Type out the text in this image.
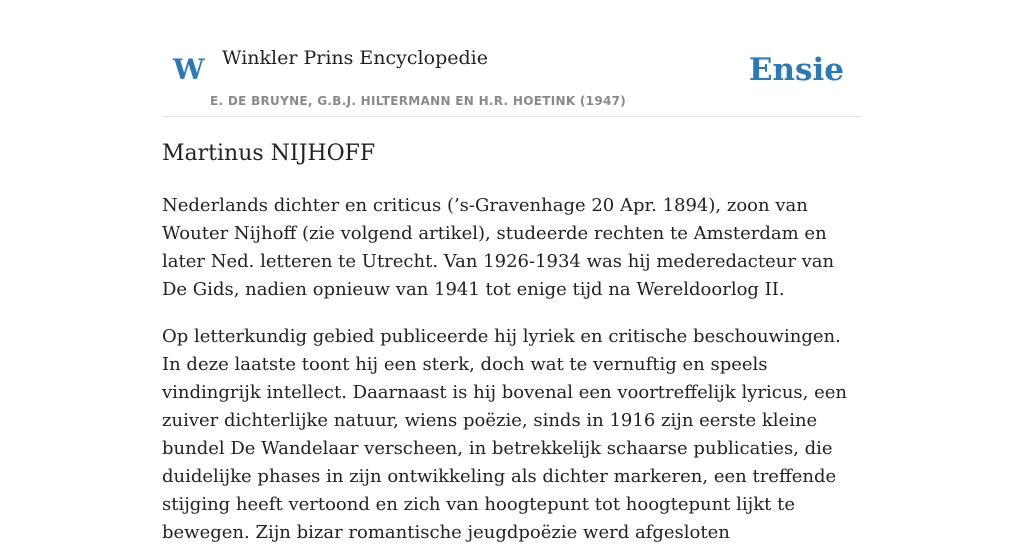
W Winkler Prins Encyclopedie
E. DE BRUYNE, G.B.J. HILTERMANN EN H.R. HOETINK (1947)
Ensie
Martinus NIJHOFF

Nederlands dichter en criticus (’s-Gravenhage 20 Apr. 1894), zoon van Wouter Nijhoff (zie volgend artikel), studeerde rechten te Amsterdam en later Ned. letteren te Utrecht. Van 1926-1934 was hij mederedacteur van De Gids, nadien opnieuw van 1941 tot enige tijd na Wereldoorlog II.

Op letterkundig gebied publiceerde hij lyriek en critische beschouwingen. In deze laatste toont hij een sterk, doch wat te vernuftig en speels vindingrijk intellect. Daarnaast is hij bovenal een voortreffelijk lyricus, een zuiver dichterlijke natuur, wiens poëzie, sinds in 1916 zijn eerste kleine bundel De Wandelaar verscheen, in betrekkelijk schaarse publicaties, die duidelijke phases in zijn ontwikkeling als dichter markeren, een treffende stijging heeft vertoond en zich van hoogtepunt tot hoogtepunt lijkt te bewegen. Zijn bizar romantische jeugdpoëzie werd afgesloten
